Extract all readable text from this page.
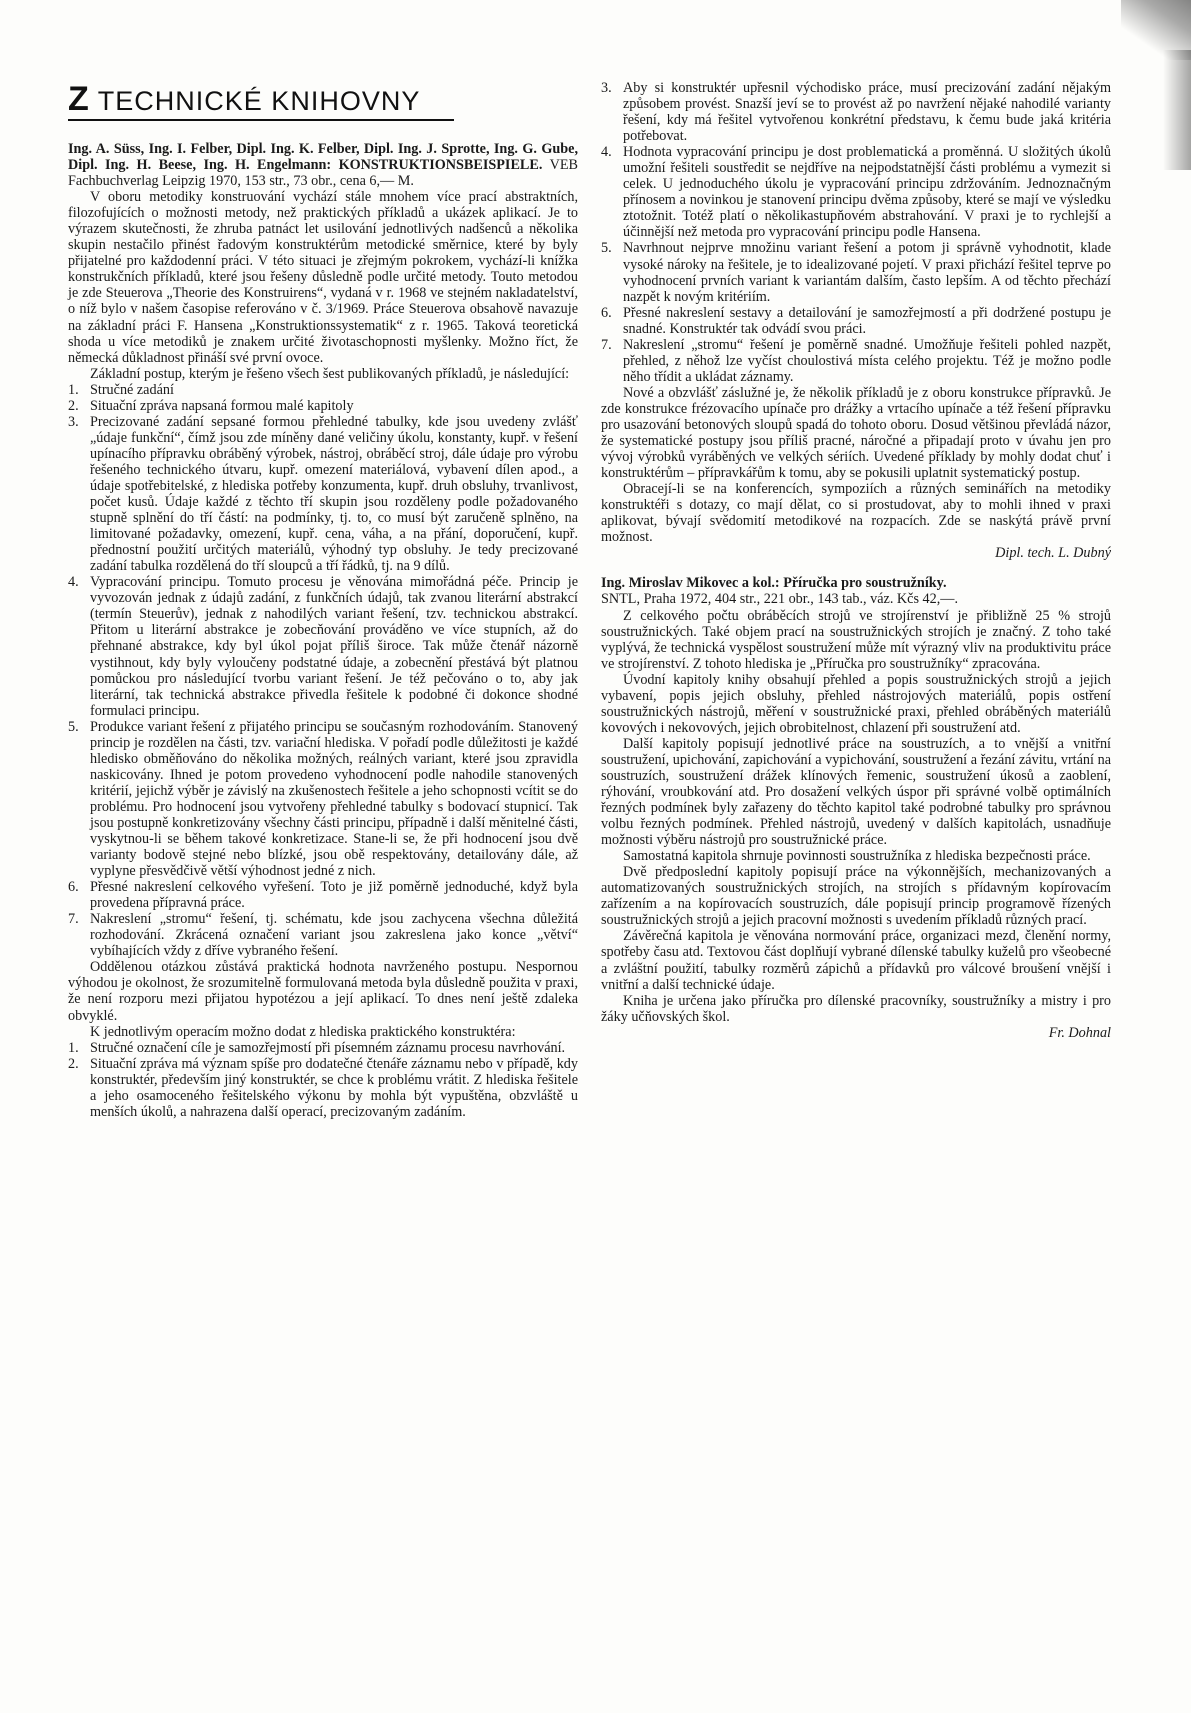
Z TECHNICKÉ KNIHOVNY

Ing. A. Süss, Ing. I. Felber, Dipl. Ing. K. Felber, Dipl. Ing. J. Sprotte, Ing. G. Gube, Dipl. Ing. H. Beese, Ing. H. Engelmann: KONSTRUKTIONSBEISPIELE. VEB Fachbuchverlag Leipzig 1970, 153 str., 73 obr., cena 6,— M.

V oboru metodiky konstruování vychází stále mnohem více prací abstraktních, filozofujících o možnosti metody, než praktických příkladů a ukázek aplikací. Je to výrazem skutečnosti, že zhruba patnáct let usilování jednotlivých nadšenců a několika skupin nestačilo přinést řadovým konstruktérům metodické směrnice, které by byly přijatelné pro každodenní práci. V této situaci je zřejmým pokrokem, vychází-li knížka konstrukčních příkladů, které jsou řešeny důsledně podle určité metody. Touto metodou je zde Steuerova „Theorie des Konstruirens“, vydaná v r. 1968 ve stejném nakladatelství, o níž bylo v našem časopise referováno v č. 3/1969. Práce Steuerova obsahově navazuje na základní práci F. Hansena „Konstruktionssystematik“ z r. 1965. Taková teoretická shoda u více metodiků je znakem určité životaschopnosti myšlenky. Možno říct, že německá důkladnost přináší své první ovoce.

Základní postup, kterým je řešeno všech šest publikovaných příkladů, je následující:

1. Stručné zadání
2. Situační zpráva napsaná formou malé kapitoly
3. Precizované zadání sepsané formou přehledné tabulky, kde jsou uvedeny zvlášť „údaje funkční“, čímž jsou zde míněny dané veličiny úkolu, konstanty, kupř. v řešení upínacího přípravku obráběný výrobek, nástroj, obráběcí stroj, dále údaje pro výrobu řešeného technického útvaru, kupř. omezení materiálová, vybavení dílen apod., a údaje spotřebitelské, z hlediska potřeby konzumenta, kupř. druh obsluhy, trvanlivost, počet kusů. Údaje každé z těchto tří skupin jsou rozděleny podle požadovaného stupně splnění do tří částí: na podmínky, tj. to, co musí být zaručeně splněno, na limitované požadavky, omezení, kupř. cena, váha, a na přání, doporučení, kupř. přednostní použití určitých materiálů, výhodný typ obsluhy. Je tedy precizované zadání tabulka rozdělená do tří sloupců a tří řádků, tj. na 9 dílů.
4. Vypracování principu. Tomuto procesu je věnována mimořádná péče. Princip je vyvozován jednak z údajů zadání, z funkčních údajů, tak zvanou literární abstrakcí (termín Steuerův), jednak z nahodilých variant řešení, tzv. technickou abstrakcí. Přitom u literární abstrakce je zobecňování prováděno ve více stupních, až do přehnané abstrakce, kdy byl úkol pojat příliš široce. Tak může čtenář názorně vystihnout, kdy byly vyloučeny podstatné údaje, a zobecnění přestává být platnou pomůckou pro následující tvorbu variant řešení. Je též pečováno o to, aby jak literární, tak technická abstrakce přivedla řešitele k podobné či dokonce shodné formulaci principu.
5. Produkce variant řešení z přijatého principu se současným rozhodováním. Stanovený princip je rozdělen na části, tzv. variační hlediska. V pořadí podle důležitosti je každé hledisko obměňováno do několika možných, reálných variant, které jsou zpravidla naskicovány. Ihned je potom provedeno vyhodnocení podle nahodile stanovených kritérií, jejichž výběr je závislý na zkušenostech řešitele a jeho schopnosti vcítit se do problému. Pro hodnocení jsou vytvořeny přehledné tabulky s bodovací stupnicí. Tak jsou postupně konkretizovány všechny části principu, případně i další měnitelné části, vyskytnou-li se během takové konkretizace. Stane-li se, že při hodnocení jsou dvě varianty bodově stejné nebo blízké, jsou obě respektovány, detailovány dále, až vyplyne přesvědčivě větší výhodnost jedné z nich.
6. Přesné nakreslení celkového vyřešení. Toto je již poměrně jednoduché, když byla provedena přípravná práce.
7. Nakreslení „stromu“ řešení, tj. schématu, kde jsou zachycena všechna důležitá rozhodování. Zkrácená označení variant jsou zakreslena jako konce „větví“ vybíhajících vždy z dříve vybraného řešení.

Oddělenou otázkou zůstává praktická hodnota navrženého postupu. Nespornou výhodou je okolnost, že srozumitelně formulovaná metoda byla důsledně použita v praxi, že není rozporu mezi přijatou hypotézou a její aplikací. To dnes není ještě zdaleka obvyklé.

K jednotlivým operacím možno dodat z hlediska praktického konstruktéra:

1. Stručné označení cíle je samozřejmostí při písemném záznamu procesu navrhování.
2. Situační zpráva má význam spíše pro dodatečné čtenáře záznamu nebo v případě, kdy konstruktér, především jiný konstruktér, se chce k problému vrátit. Z hlediska řešitele a jeho osamoceného řešitelského výkonu by mohla být vypuštěna, obzvláště u menších úkolů, a nahrazena další operací, precizovaným zadáním.
3. Aby si konstruktér upřesnil východisko práce, musí precizování zadání nějakým způsobem provést. Snazší jeví se to provést až po navržení nějaké nahodilé varianty řešení, kdy má řešitel vytvořenou konkrétní představu, k čemu bude jaká kritéria potřebovat.
4. Hodnota vypracování principu je dost problematická a proměnná. U složitých úkolů umožní řešiteli soustředit se nejdříve na nejpodstatnější části problému a vymezit si celek. U jednoduchého úkolu je vypracování principu zdržováním. Jednoznačným přínosem a novinkou je stanovení principu dvěma způsoby, které se mají ve výsledku ztotožnit. Totéž platí o několikastupňovém abstrahování. V praxi je to rychlejší a účinnější než metoda pro vypracování principu podle Hansena.
5. Navrhnout nejprve množinu variant řešení a potom ji správně vyhodnotit, klade vysoké nároky na řešitele, je to idealizované pojetí. V praxi přichází řešitel teprve po vyhodnocení prvních variant k variantám dalším, často lepším. A od těchto přechází nazpět k novým kritériím.
6. Přesné nakreslení sestavy a detailování je samozřejmostí a při dodržené postupu je snadné. Konstruktér tak odvádí svou práci.
7. Nakreslení „stromu“ řešení je poměrně snadné. Umožňuje řešiteli pohled nazpět, přehled, z něhož lze vyčíst choulostivá místa celého projektu. Též je možno podle něho třídit a ukládat záznamy.

Nové a obzvlášť záslužné je, že několik příkladů je z oboru konstrukce přípravků. Je zde konstrukce frézovacího upínače pro drážky a vrtacího upínače a též řešení přípravku pro usazování betonových sloupů spadá do tohoto oboru. Dosud většinou převládá názor, že systematické postupy jsou příliš pracné, náročné a připadají proto v úvahu jen pro vývoj výrobků vyráběných ve velkých sériích. Uvedené příklady by mohly dodat chuť i konstruktérům – přípravkářům k tomu, aby se pokusili uplatnit systematický postup.

Obracejí-li se na konferencích, sympoziích a různých seminářích na metodiky konstruktéři s dotazy, co mají dělat, co si prostudovat, aby to mohli ihned v praxi aplikovat, bývají svědomití metodikové na rozpacích. Zde se naskýtá právě první možnost.

Dipl. tech. L. Dubný

Ing. Miroslav Mikovec a kol.: Příručka pro soustružníky.

SNTL, Praha 1972, 404 str., 221 obr., 143 tab., váz. Kčs 42,—.

Z celkového počtu obráběcích strojů ve strojírenství je přibližně 25 % strojů soustružnických. Také objem prací na soustružnických strojích je značný. Z toho také vyplývá, že technická vyspělost soustružení může mít výrazný vliv na produktivitu práce ve strojírenství. Z tohoto hlediska je „Příručka pro soustružníky“ zpracována.

Úvodní kapitoly knihy obsahují přehled a popis soustružnických strojů a jejich vybavení, popis jejich obsluhy, přehled nástrojových materiálů, popis ostření soustružnických nástrojů, měření v soustružnické praxi, přehled obráběných materiálů kovových i nekovových, jejich obrobitelnost, chlazení při soustružení atd.

Další kapitoly popisují jednotlivé práce na soustruzích, a to vnější a vnitřní soustružení, upichování, zapichování a vypichování, soustružení a řezání závitu, vrtání na soustruzích, soustružení drážek klínových řemenic, soustružení úkosů a zaoblení, rýhování, vroubkování atd. Pro dosažení velkých úspor při správné volbě optimálních řezných podmínek byly zařazeny do těchto kapitol také podrobné tabulky pro správnou volbu řezných podmínek. Přehled nástrojů, uvedený v dalších kapitolách, usnadňuje možnosti výběru nástrojů pro soustružnické práce.

Samostatná kapitola shrnuje povinnosti soustružníka z hlediska bezpečnosti práce.

Dvě předposlední kapitoly popisují práce na výkonnějších, mechanizovaných a automatizovaných soustružnických strojích, na strojích s přídavným kopírovacím zařízením a na kopírovacích soustruzích, dále popisují princip programově řízených soustružnických strojů a jejich pracovní možnosti s uvedením příkladů různých prací.

Závěrečná kapitola je věnována normování práce, organizaci mezd, členění normy, spotřeby času atd. Textovou část doplňují vybrané dílenské tabulky kuželů pro všeobecné a zvláštní použití, tabulky rozměrů zápichů a přídavků pro válcové broušení vnější i vnitřní a další technické údaje.

Kniha je určena jako příručka pro dílenské pracovníky, soustružníky a mistry i pro žáky učňovských škol.

Fr. Dohnal
